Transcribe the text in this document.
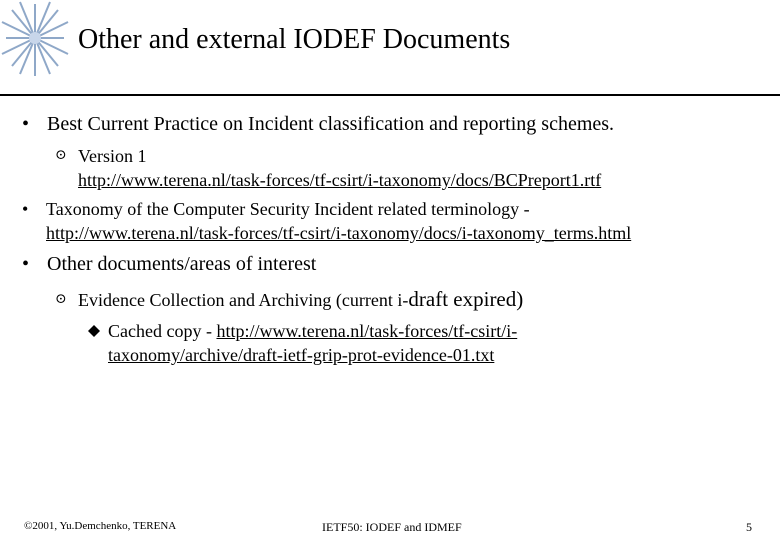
Other and external IODEF Documents
• Best Current Practice on Incident classification and reporting schemes.
⊙ Version 1
http://www.terena.nl/task-forces/tf-csirt/i-taxonomy/docs/BCPreport1.rtf
• Taxonomy of the Computer Security Incident related terminology -
http://www.terena.nl/task-forces/tf-csirt/i-taxonomy/docs/i-taxonomy_terms.html
• Other documents/areas of interest
⊙ Evidence Collection and Archiving (current i-draft expired)
Cached copy - http://www.terena.nl/task-forces/tf-csirt/i-
taxonomy/archive/draft-ietf-grip-prot-evidence-01.txt
©2001, Yu.Demchenko, TERENA	IETF50: IODEF and IDMEF	5
